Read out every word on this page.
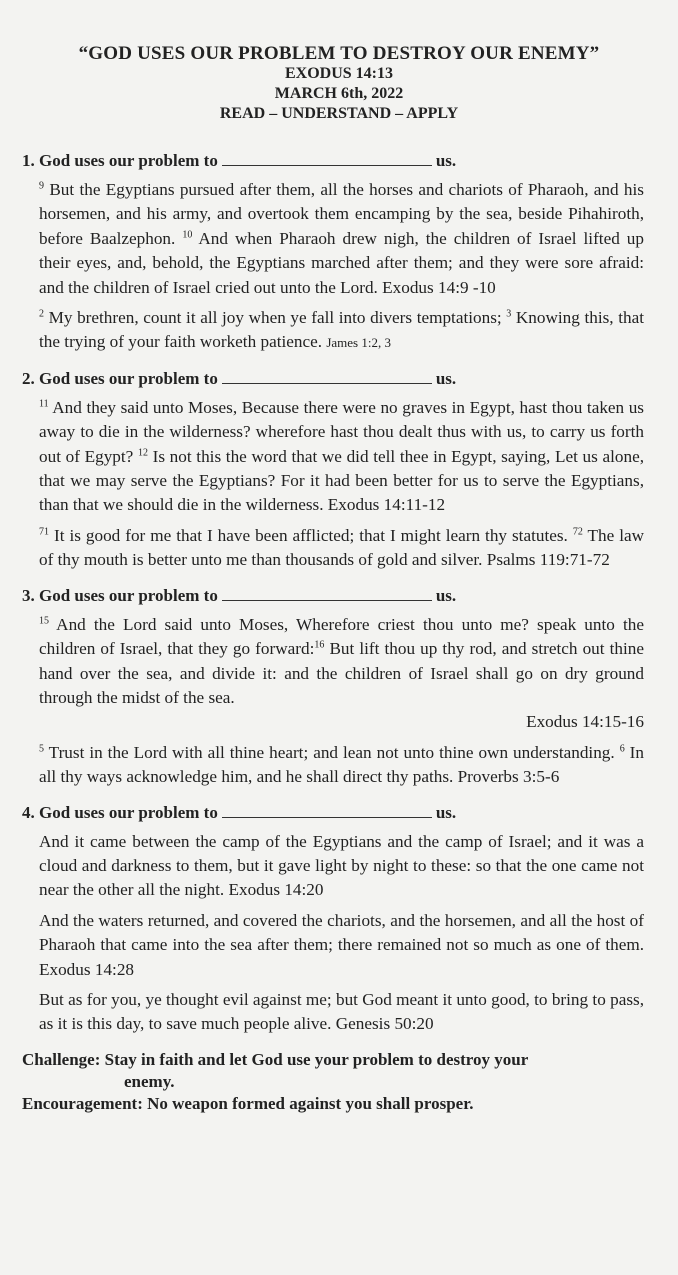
“GOD USES OUR PROBLEM TO DESTROY OUR ENEMY”
EXODUS 14:13
MARCH 6th, 2022
READ – UNDERSTAND – APPLY
1. God uses our problem to	us.
$^9$ But the Egyptians pursued after them, all the horses and chariots of Pharaoh, and his horsemen, and his army, and overtook them encamping by the sea, beside Pihahiroth, before Baalzephon. $^{10}$ And when Pharaoh drew nigh, the children of Israel lifted up their eyes, and, behold, the Egyptians marched after them; and they were sore afraid: and the children of Israel cried out unto the Lord. Exodus 14:9 -10
$^2$ My brethren, count it all joy when ye fall into divers temptations; $^3$ Knowing this, that the trying of your faith worketh patience. James 1:2, 3
2. God uses our problem to	us.
$^{11}$ And they said unto Moses, Because there were no graves in Egypt, hast thou taken us away to die in the wilderness? wherefore hast thou dealt thus with us, to carry us forth out of Egypt? $^{12}$ Is not this the word that we did tell thee in Egypt, saying, Let us alone, that we may serve the Egyptians? For it had been better for us to serve the Egyptians, than that we should die in the wilderness. Exodus 14:11-12
$^{71}$ It is good for me that I have been afflicted; that I might learn thy statutes. $^{72}$ The law of thy mouth is better unto me than thousands of gold and silver. Psalms 119:71-72
3. God uses our problem to	us.
$^{15}$ And the Lord said unto Moses, Wherefore criest thou unto me? speak unto the children of Israel, that they go forward:$^{16}$ But lift thou up thy rod, and stretch out thine hand over the sea, and divide it: and the children of Israel shall go on dry ground through the midst of the sea.
Exodus 14:15-16
$^5$ Trust in the Lord with all thine heart; and lean not unto thine own understanding. $^6$ In all thy ways acknowledge him, and he shall direct thy paths. Proverbs 3:5-6
4. God uses our problem to	us.
And it came between the camp of the Egyptians and the camp of Israel; and it was a cloud and darkness to them, but it gave light by night to these: so that the one came not near the other all the night. Exodus 14:20
And the waters returned, and covered the chariots, and the horsemen, and all the host of Pharaoh that came into the sea after them; there remained not so much as one of them. Exodus 14:28
But as for you, ye thought evil against me; but God meant it unto good, to bring to pass, as it is this day, to save much people alive. Genesis 50:20
Challenge: Stay in faith and let God use your problem to destroy your
enemy.
Encouragement: No weapon formed against you shall prosper.
